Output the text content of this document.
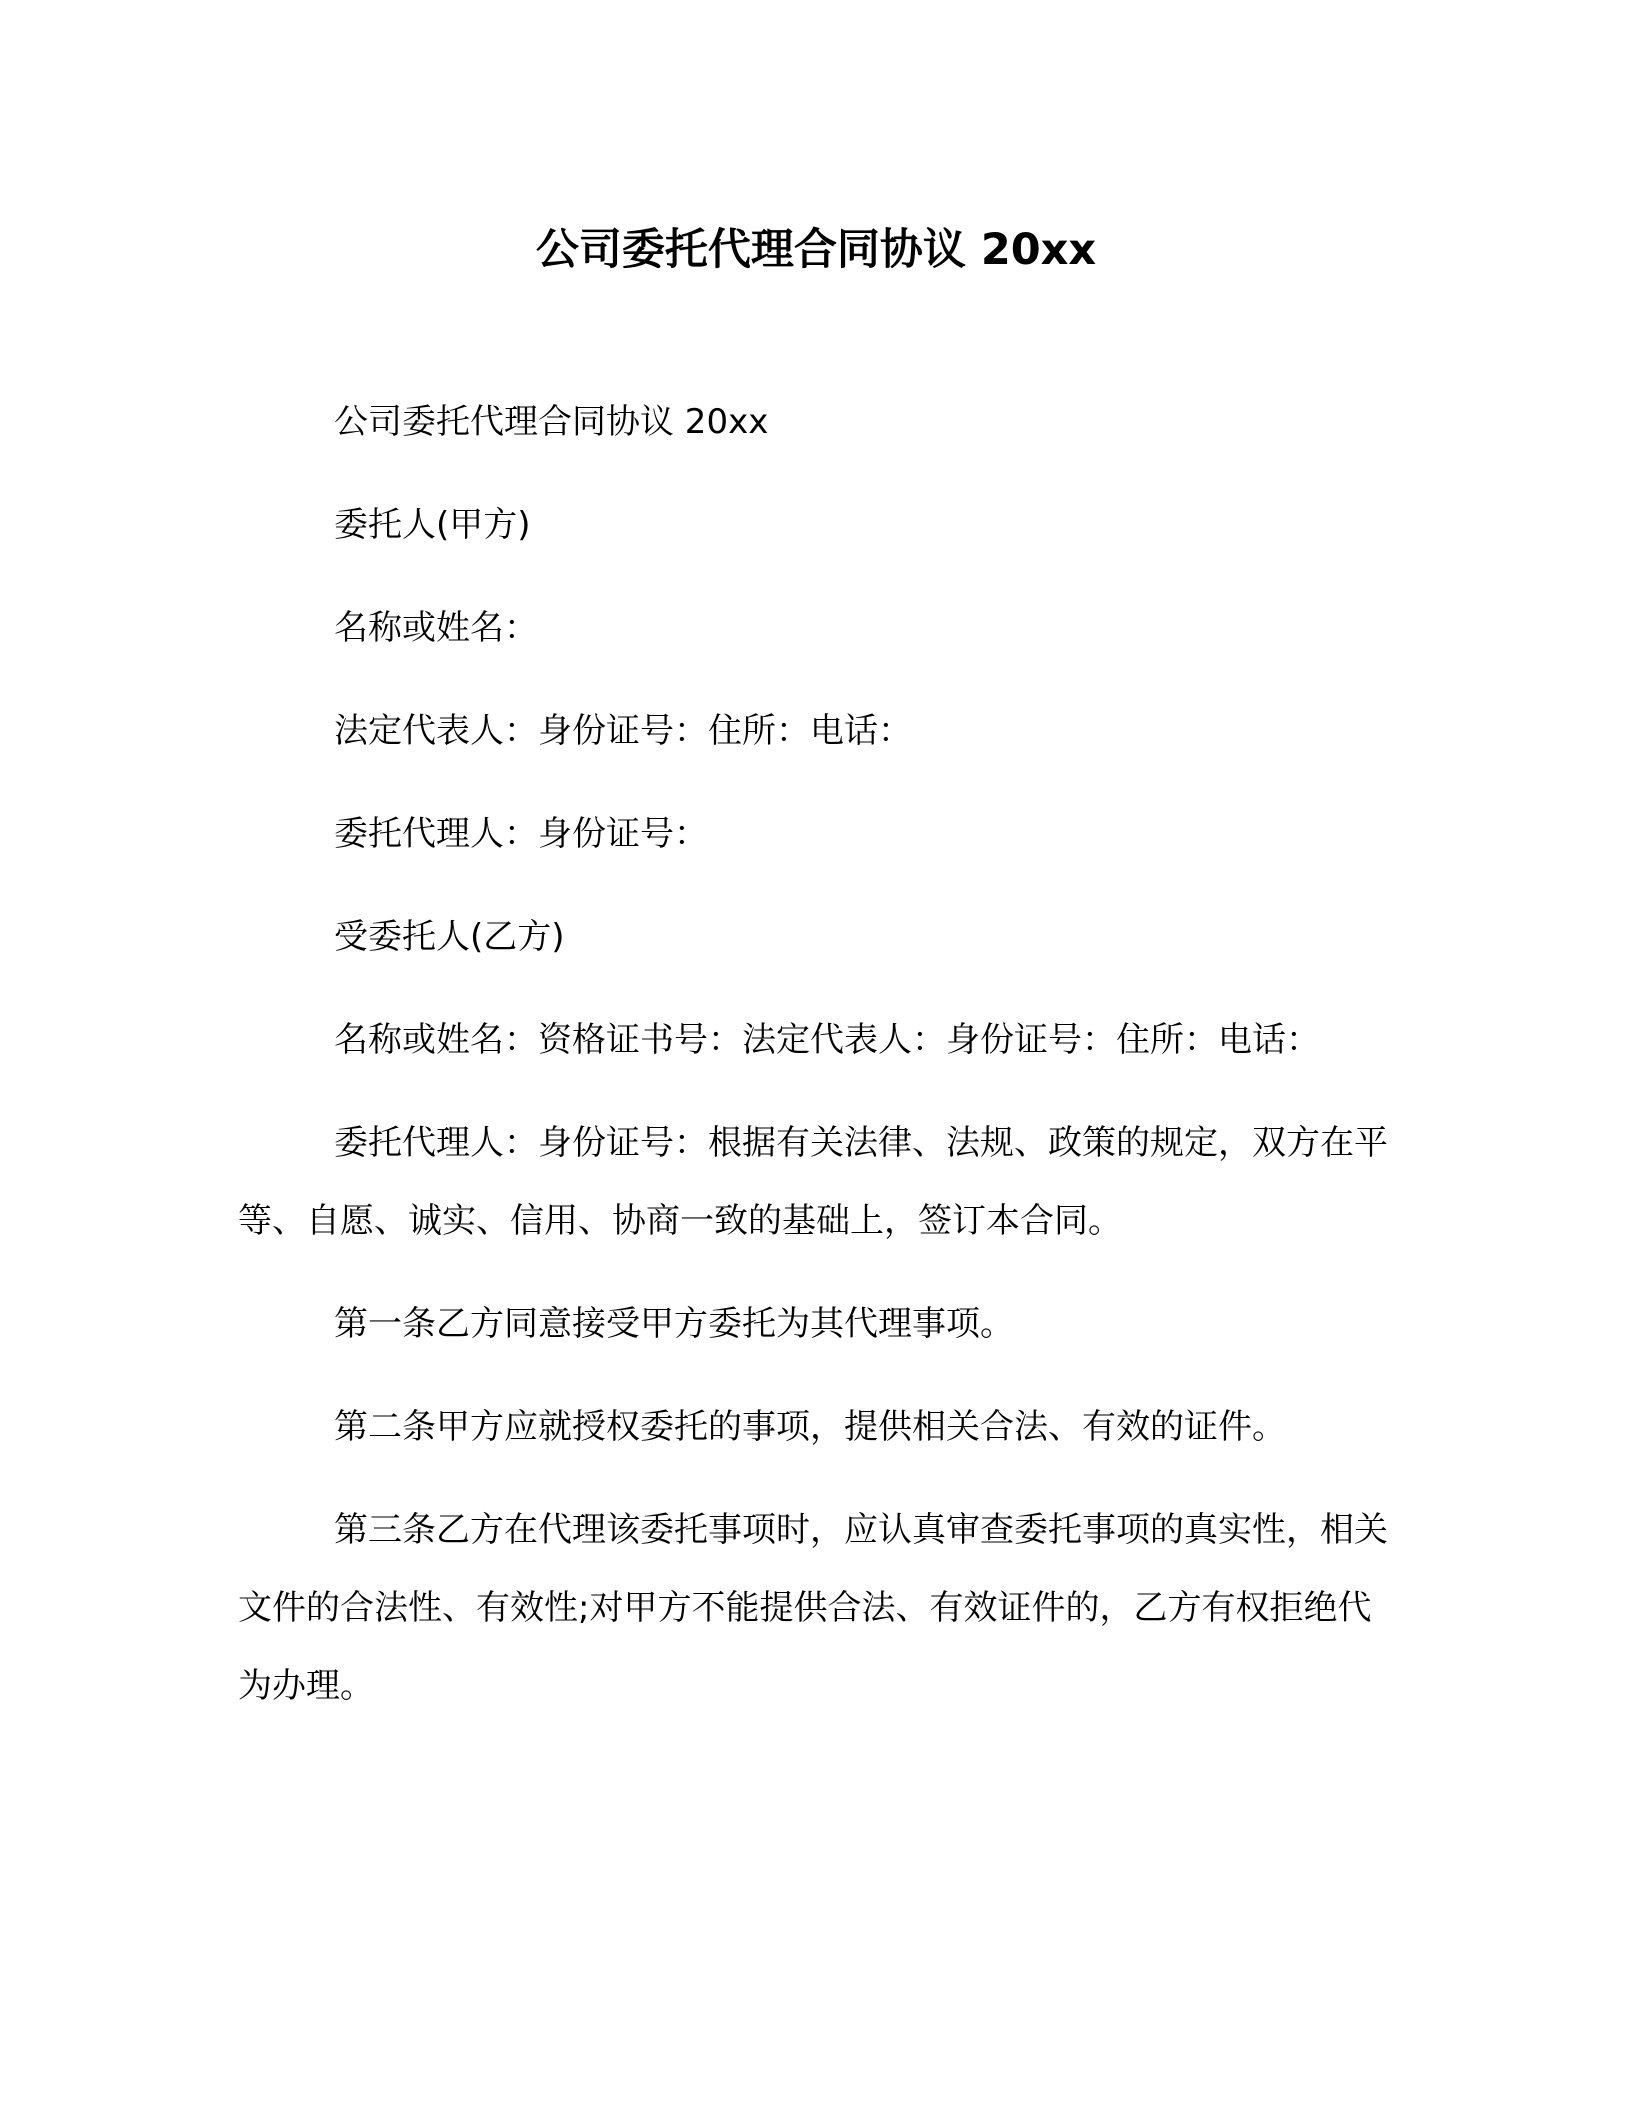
公司委托代理合同协议 20xx

公司委托代理合同协议 20xx

委托人(甲方)

名称或姓名：

法定代表人：身份证号：住所：电话：

委托代理人：身份证号：

受委托人(乙方)

名称或姓名：资格证书号：法定代表人：身份证号：住所：电话：

委托代理人：身份证号：根据有关法律、法规、政策的规定，双方在平等、自愿、诚实、信用、协商一致的基础上，签订本合同。

第一条乙方同意接受甲方委托为其代理事项。

第二条甲方应就授权委托的事项，提供相关合法、有效的证件。

第三条乙方在代理该委托事项时，应认真审查委托事项的真实性，相关文件的合法性、有效性;对甲方不能提供合法、有效证件的，乙方有权拒绝代为办理。
